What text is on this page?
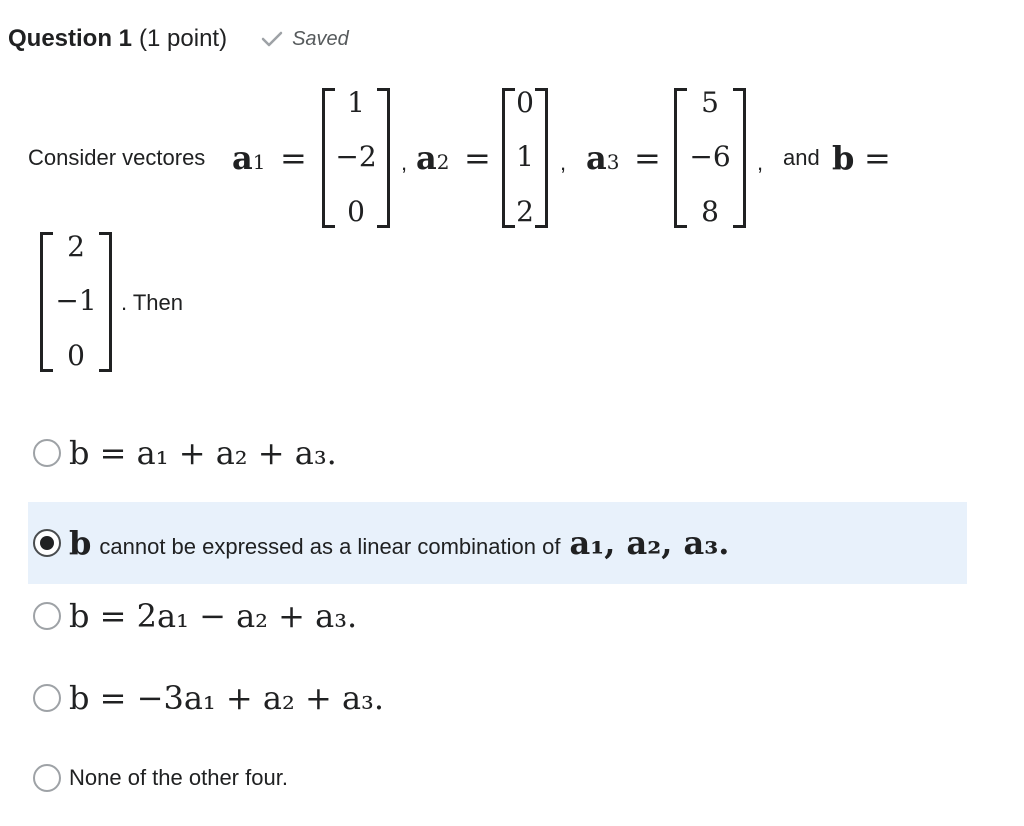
Question 1 (1 point)	Saved
Consider vectores a1 =
1
−2
0
, a2 =
0
1
2
, a3 =
5
−6
8
, and b =
2
−1
0
. Then
b = a₁ + a₂ + a₃.
b cannot be expressed as a linear combination of a₁, a₂, a₃.
b = 2a₁ − a₂ + a₃.
b = −3a₁ + a₂ + a₃.
None of the other four.
